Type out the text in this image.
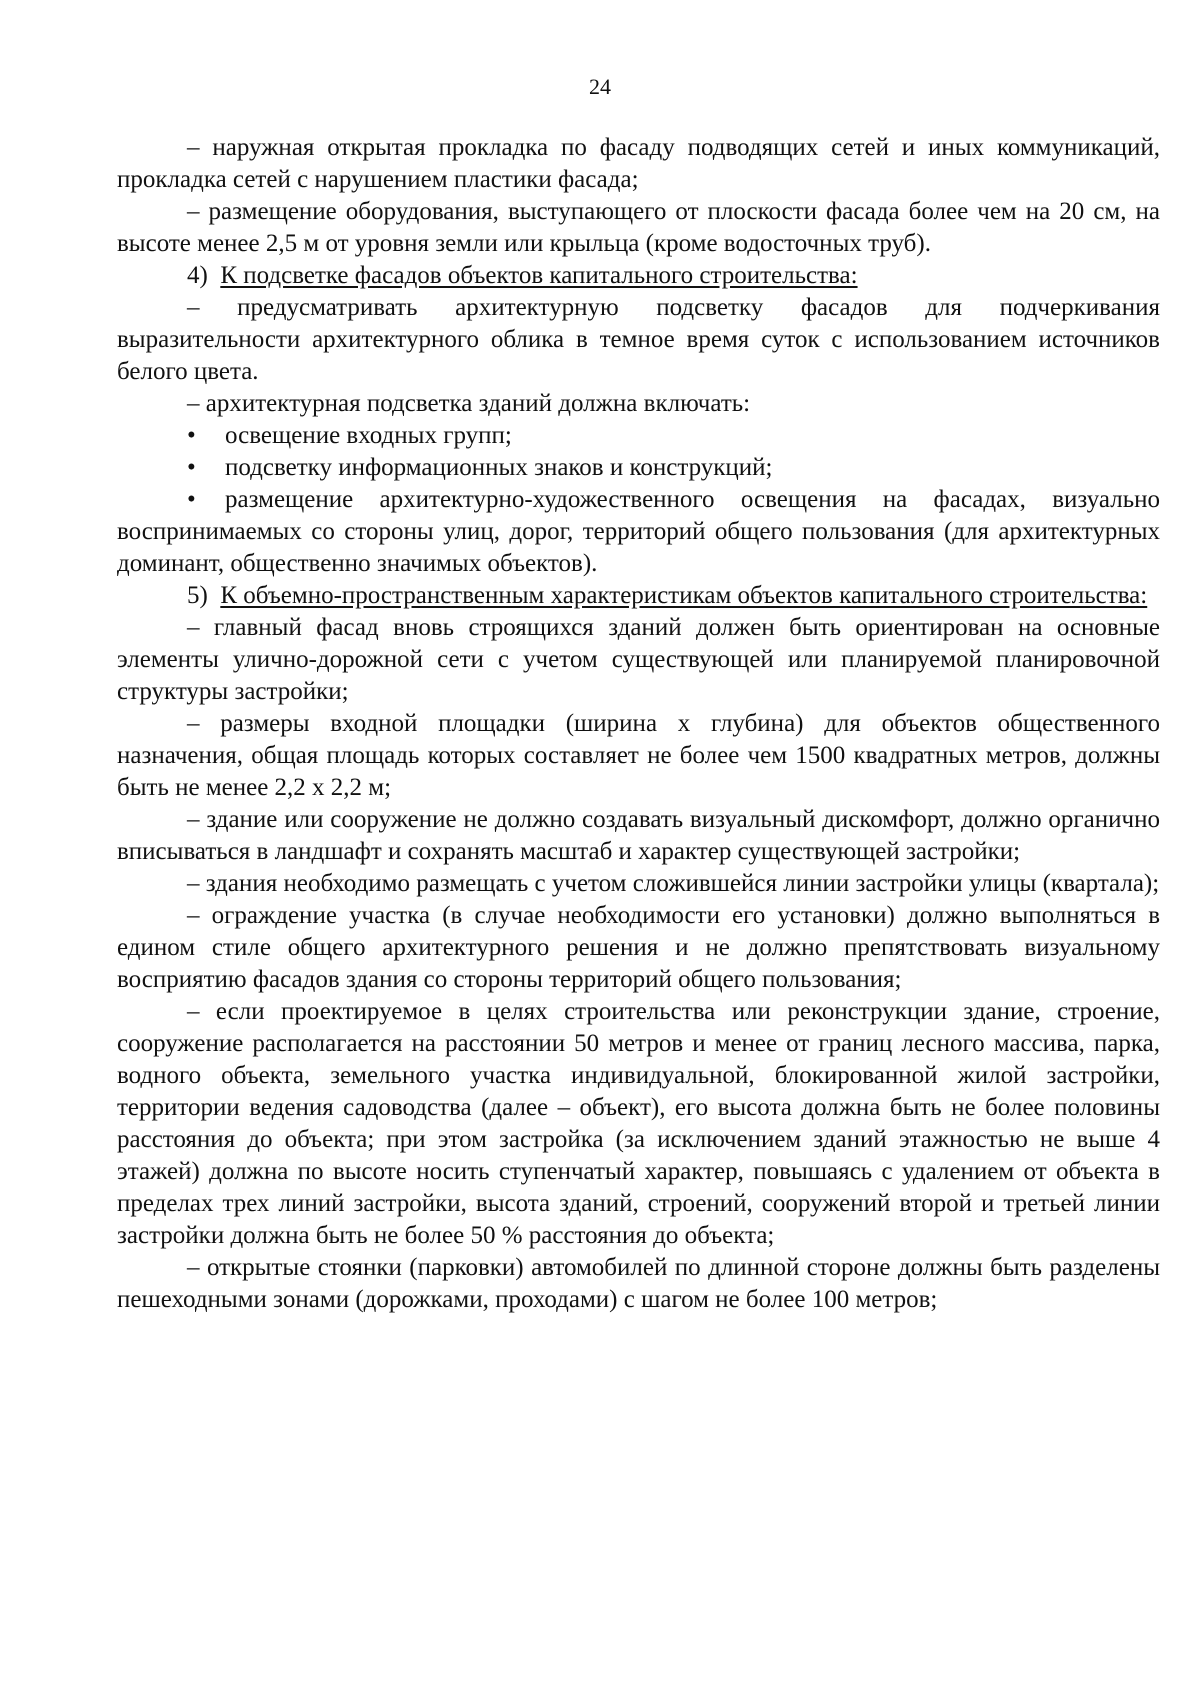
24

– наружная открытая прокладка по фасаду подводящих сетей и иных коммуникаций, прокладка сетей с нарушением пластики фасада;

– размещение оборудования, выступающего от плоскости фасада более чем на 20 см, на высоте менее 2,5 м от уровня земли или крыльца (кроме водосточных труб).

4) К подсветке фасадов объектов капитального строительства:

– предусматривать архитектурную подсветку фасадов для подчеркивания выразительности архитектурного облика в темное время суток с использованием источников белого цвета.

– архитектурная подсветка зданий должна включать:

• освещение входных групп;

• подсветку информационных знаков и конструкций;

• размещение архитектурно-художественного освещения на фасадах, визуально воспринимаемых со стороны улиц, дорог, территорий общего пользования (для архитектурных доминант, общественно значимых объектов).

5) К объемно-пространственным характеристикам объектов капитального строительства:

– главный фасад вновь строящихся зданий должен быть ориентирован на основные элементы улично-дорожной сети с учетом существующей или планируемой планировочной структуры застройки;

– размеры входной площадки (ширина х глубина) для объектов общественного назначения, общая площадь которых составляет не более чем 1500 квадратных метров, должны быть не менее 2,2 х 2,2 м;

– здание или сооружение не должно создавать визуальный дискомфорт, должно органично вписываться в ландшафт и сохранять масштаб и характер существующей застройки;

– здания необходимо размещать с учетом сложившейся линии застройки улицы (квартала);

– ограждение участка (в случае необходимости его установки) должно выполняться в едином стиле общего архитектурного решения и не должно препятствовать визуальному восприятию фасадов здания со стороны территорий общего пользования;

– если проектируемое в целях строительства или реконструкции здание, строение, сооружение располагается на расстоянии 50 метров и менее от границ лесного массива, парка, водного объекта, земельного участка индивидуальной, блокированной жилой застройки, территории ведения садоводства (далее – объект), его высота должна быть не более половины расстояния до объекта; при этом застройка (за исключением зданий этажностью не выше 4 этажей) должна по высоте носить ступенчатый характер, повышаясь с удалением от объекта в пределах трех линий застройки, высота зданий, строений, сооружений второй и третьей линии застройки должна быть не более 50 % расстояния до объекта;

– открытые стоянки (парковки) автомобилей по длинной стороне должны быть разделены пешеходными зонами (дорожками, проходами) с шагом не более 100 метров;
